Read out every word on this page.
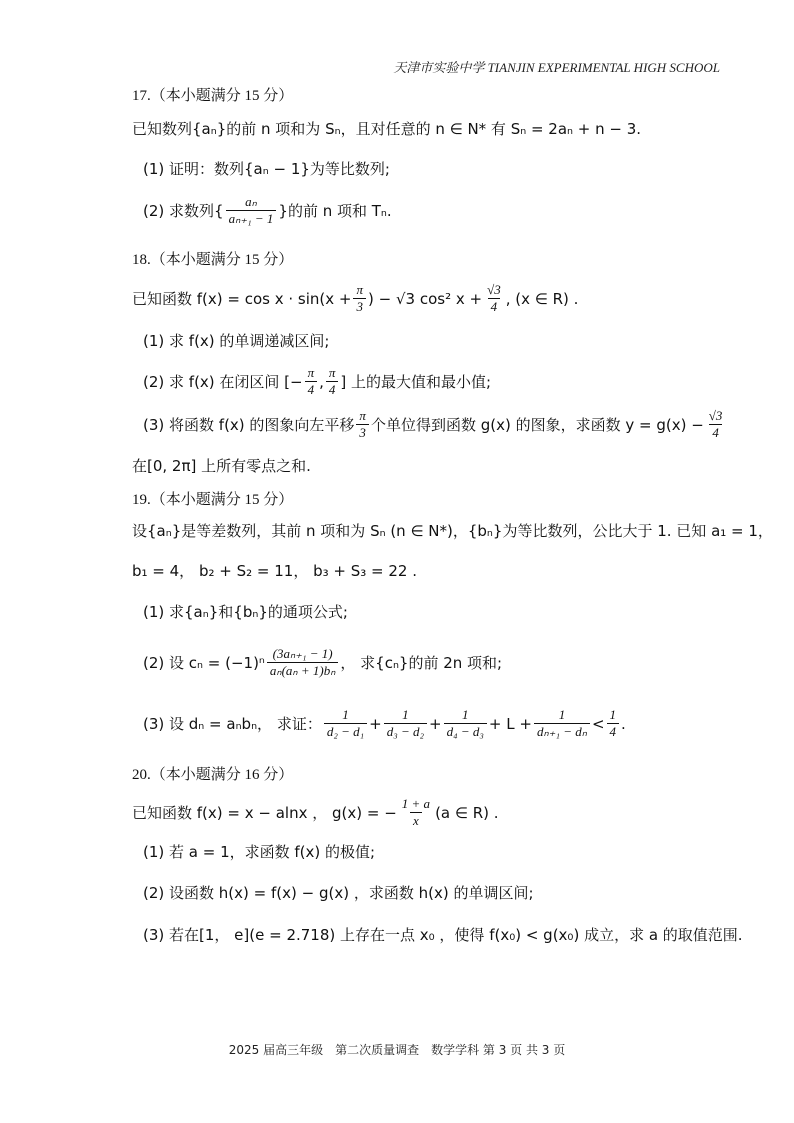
天津市实验中学 TIANJIN EXPERIMENTAL HIGH SCHOOL
17.（本小题满分 15 分）
已知数列{aₙ}的前 n 项和为 Sₙ，且对任意的 n ∈ N* 有 Sₙ = 2aₙ + n − 3.
(1) 证明：数列{aₙ − 1}为等比数列;
(2) 求数列{ $\frac{\text{aₙ}}{\text{aₙ₊₁ − 1}}$ }的前 n 项和 Tₙ.
18.（本小题满分 15 分）
已知函数 $f(x) = \cos x \cdot \sin(x + \frac{\pi}{3}$ ) − √3 cos² $x + \frac{√3}{4}$ , (x ∈ R) .
(1) 求 f(x) 的单调递减区间;
(2) 求 f(x) 在闭区间 [− $\frac{\pi}{4}$ , $\frac{\pi}{4}$ ] 上的最大值和最小值;
(3) 将函数 f(x) 的图象向左平移 $\frac{\pi}{3}$ 个单位得到函数 g(x) 的图象，求函数 $y = g(x) - \frac{√3}{4}$
在[0, 2π] 上所有零点之和.
19.（本小题满分 15 分）
设{aₙ}是等差数列，其前 n 项和为 Sₙ (n ∈ N*)，{bₙ}为等比数列，公比大于 1. 已知 a₁ = 1，
b₁ = 4， b₂ + S₂ = 11， b₃ + S₃ = 22 .
(1) 求{aₙ}和{bₙ}的通项公式;
(2) 设 $c_n = (-1)^n \frac{\text{(3aₙ₊₁ − 1)}}{\text{aₙ(aₙ + 1)bₙ}}$ ， 求{cₙ}的前 2n 项和;
(3) 设 dₙ = aₙbₙ， 求证： $\frac{1}{\text{d₂ − d₁}} + \frac{1}{\text{d₃ − d₂}} + \frac{1}{\text{d₄ − d₃}} + L + \frac{1}{\text{dₙ₊₁ − dₙ}} < \frac{1}{4}$ .
20.（本小题满分 16 分）
已知函数 f(x) = x − alnx ， g(x) = − $\frac{1 + a}{x} (a$ ∈ R) .
(1) 若 a = 1，求函数 f(x) 的极值;
(2) 设函数 h(x) = f(x) − g(x) ，求函数 h(x) 的单调区间;
(3) 若在[1， e](e = 2.718) 上存在一点 x₀ ，使得 f(x₀) < g(x₀) 成立，求 a 的取值范围.
2025 届高三年级　第二次质量调查　数学学科 第 3 页 共 3 页
